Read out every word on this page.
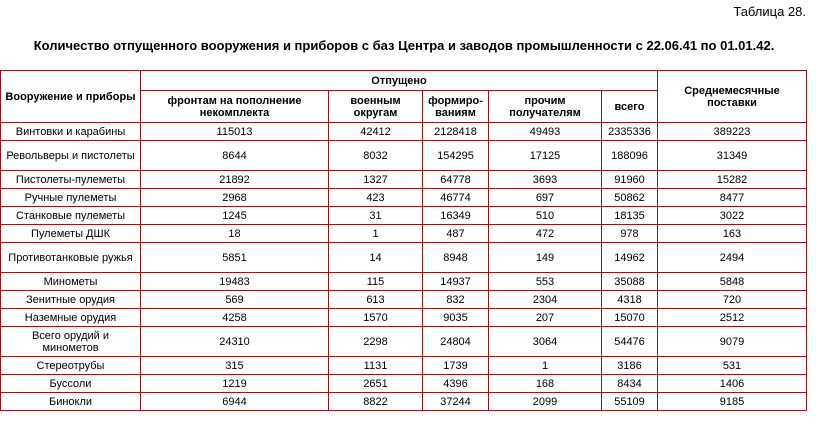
Таблица 28.
Количество отпущенного вооружения и приборов с баз Центра и заводов промышленности с 22.06.41 по 01.01.42.
Вооружение и приборы	Отпущено					Среднемесячные поставки
	фронтам на пополнение некомплекта	военным округам	формиро-ваниям	прочим получателям	всего	
Винтовки и карабины	115013	42412	2128418	49493	2335336	389223
Револьверы и пистолеты	8644	8032	154295	17125	188096	31349
Пистолеты-пулеметы	21892	1327	64778	3693	91960	15282
Ручные пулеметы	2968	423	46774	697	50862	8477
Станковые пулеметы	1245	31	16349	510	18135	3022
Пулеметы ДШК	18	1	487	472	978	163
Противотанковые ружья	5851	14	8948	149	14962	2494
Минометы	19483	115	14937	553	35088	5848
Зенитные орудия	569	613	832	2304	4318	720
Наземные орудия	4258	1570	9035	207	15070	2512
Всего орудий и минометов	24310	2298	24804	3064	54476	9079
Стереотрубы	315	1131	1739	1	3186	531
Буссоли	1219	2651	4396	168	8434	1406
Бинокли	6944	8822	37244	2099	55109	9185
